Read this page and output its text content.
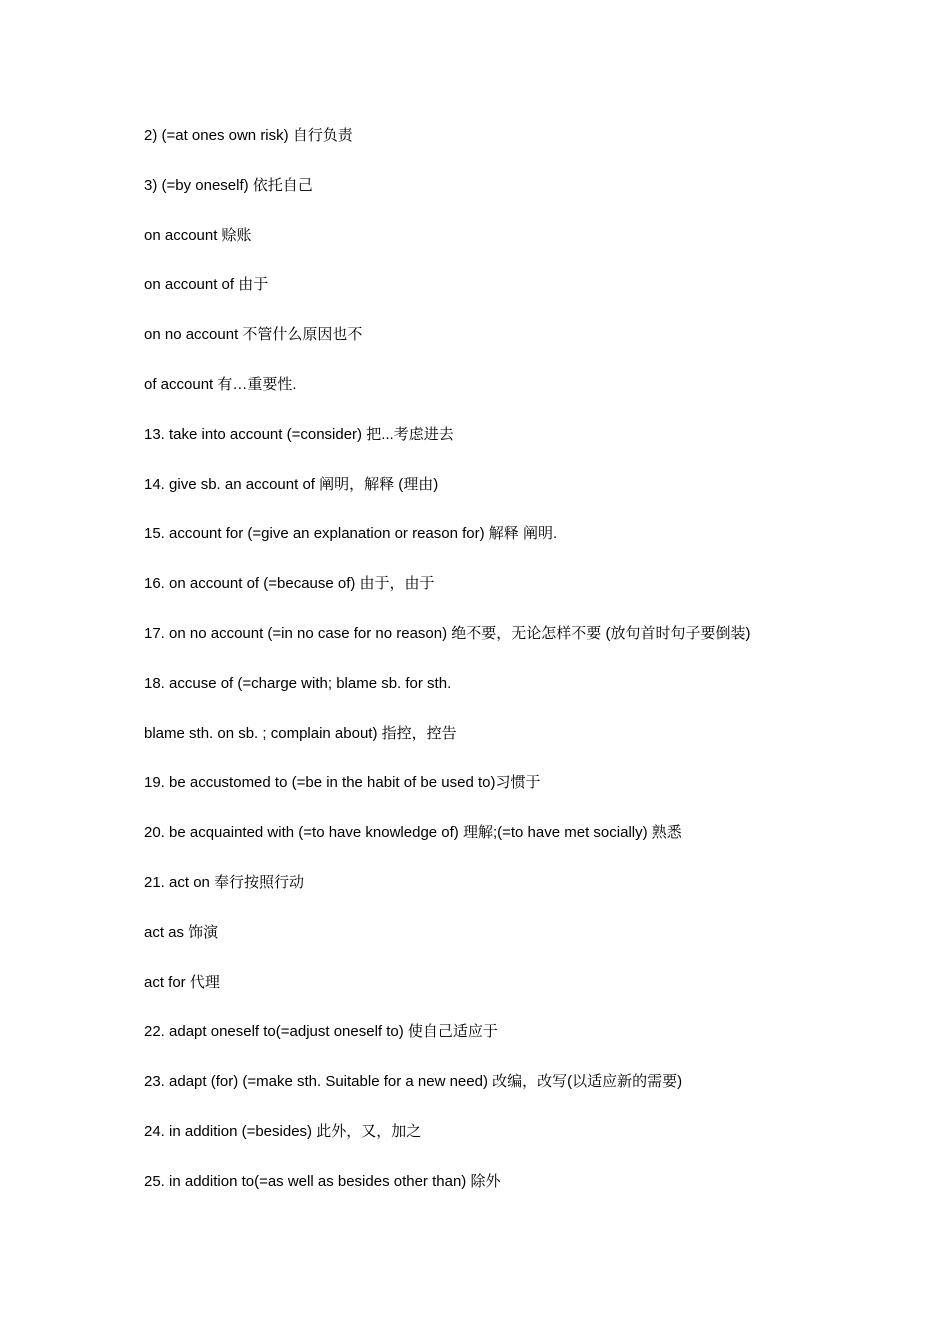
2) (=at ones own risk) 自行负责
3) (=by oneself) 依托自己
on account 赊账
on account of 由于
on no account 不管什么原因也不
of account 有…重要性.
13. take into account (=consider) 把...考虑进去
14. give sb. an account of 阐明，解释 (理由)
15. account for (=give an explanation or reason for) 解释 阐明.
16. on account of (=because of) 由于，由于
17. on no account (=in no case for no reason) 绝不要，无论怎样不要 (放句首时句子要倒装)
18. accuse of (=charge with; blame sb. for sth.
blame sth. on sb. ; complain about) 指控，控告
19. be accustomed to (=be in the habit of be used to)习惯于
20. be acquainted with (=to have knowledge of) 理解;(=to have met socially) 熟悉
21. act on 奉行按照行动
act as 饰演
act for 代理
22. adapt oneself to(=adjust oneself to) 使自己适应于
23. adapt (for) (=make sth. Suitable for a new need) 改编，改写(以适应新的需要)
24. in addition (=besides) 此外，又，加之
25. in addition to(=as well as besides other than) 除外
